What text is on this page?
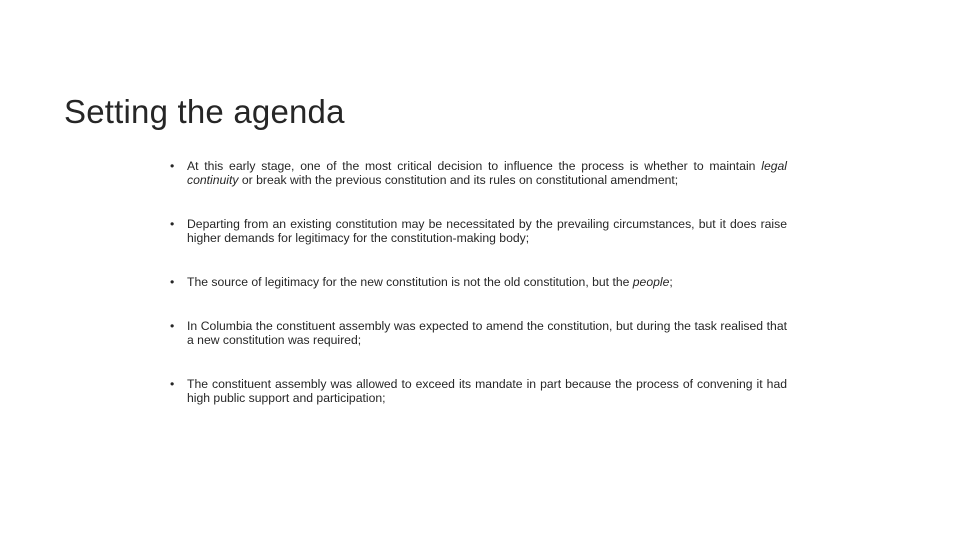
Setting the agenda
•	At this early stage, one of the most critical decision to influence the process is whether to maintain legal continuity or break with the previous constitution and its rules on constitutional amendment;
•	Departing from an existing constitution may be necessitated by the prevailing circumstances, but it does raise higher demands for legitimacy for the constitution-making body;
•	The source of legitimacy for the new constitution is not the old constitution, but the people;
•	In Columbia the constituent assembly was expected to amend the constitution, but during the task realised that a new constitution was required;
•	The constituent assembly was allowed to exceed its mandate in part because the process of convening it had high public support and participation;
